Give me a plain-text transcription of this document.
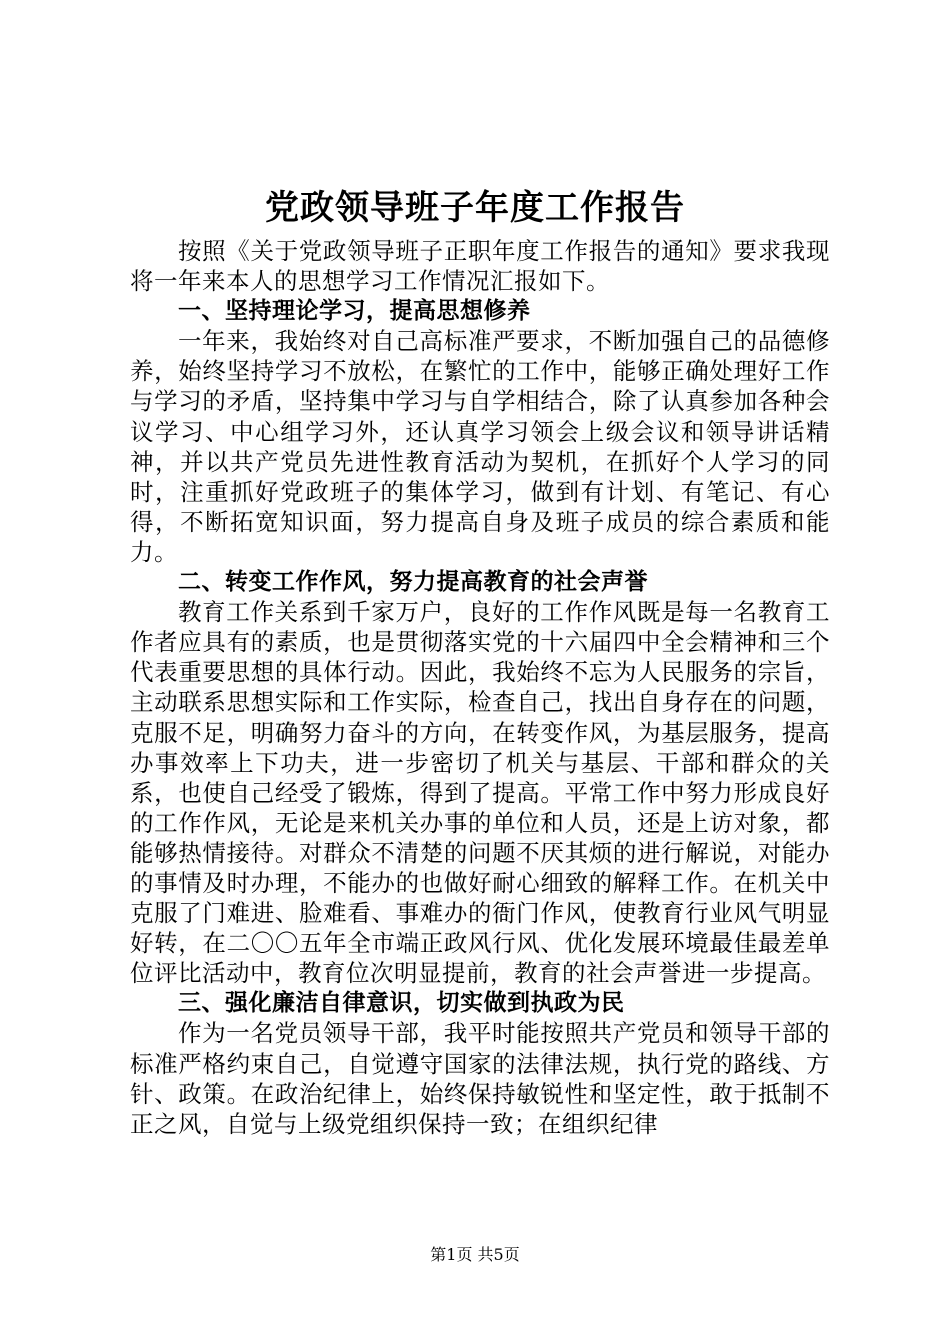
党政领导班子年度工作报告

按照《关于党政领导班子正职年度工作报告的通知》要求我现将一年来本人的思想学习工作情况汇报如下。

一、坚持理论学习，提高思想修养

一年来，我始终对自己高标准严要求，不断加强自己的品德修养，始终坚持学习不放松，在繁忙的工作中，能够正确处理好工作与学习的矛盾，坚持集中学习与自学相结合，除了认真参加各种会议学习、中心组学习外，还认真学习领会上级会议和领导讲话精神，并以共产党员先进性教育活动为契机，在抓好个人学习的同时，注重抓好党政班子的集体学习，做到有计划、有笔记、有心得，不断拓宽知识面，努力提高自身及班子成员的综合素质和能力。

二、转变工作作风，努力提高教育的社会声誉

教育工作关系到千家万户，良好的工作作风既是每一名教育工作者应具有的素质，也是贯彻落实党的十六届四中全会精神和三个代表重要思想的具体行动。因此，我始终不忘为人民服务的宗旨，主动联系思想实际和工作实际，检查自己，找出自身存在的问题，克服不足，明确努力奋斗的方向，在转变作风，为基层服务，提高办事效率上下功夫，进一步密切了机关与基层、干部和群众的关系，也使自己经受了锻炼，得到了提高。平常工作中努力形成良好的工作作风，无论是来机关办事的单位和人员，还是上访对象，都能够热情接待。对群众不清楚的问题不厌其烦的进行解说，对能办的事情及时办理，不能办的也做好耐心细致的解释工作。在机关中克服了门难进、脸难看、事难办的衙门作风，使教育行业风气明显好转，在二〇〇五年全市端正政风行风、优化发展环境最佳最差单位评比活动中，教育位次明显提前，教育的社会声誉进一步提高。

三、强化廉洁自律意识，切实做到执政为民

作为一名党员领导干部，我平时能按照共产党员和领导干部的标准严格约束自己，自觉遵守国家的法律法规，执行党的路线、方针、政策。在政治纪律上，始终保持敏锐性和坚定性，敢于抵制不正之风，自觉与上级党组织保持一致；在组织纪律

第1页 共5页
